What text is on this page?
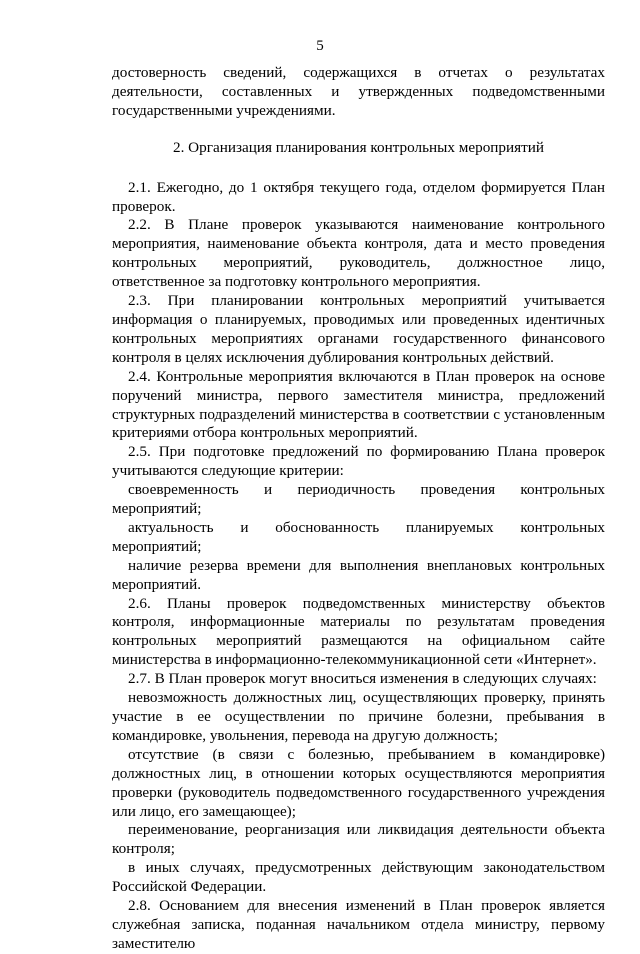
5

достоверность сведений, содержащихся в отчетах о результатах деятельности, составленных и утвержденных подведомственными государственными учреждениями.

2. Организация планирования контрольных мероприятий

2.1. Ежегодно, до 1 октября текущего года, отделом формируется План проверок.

2.2. В Плане проверок указываются наименование контрольного мероприятия, наименование объекта контроля, дата и место проведения контрольных мероприятий, руководитель, должностное лицо, ответственное за подготовку контрольного мероприятия.

2.3. При планировании контрольных мероприятий учитывается информация о планируемых, проводимых или проведенных идентичных контрольных мероприятиях органами государственного финансового контроля в целях исключения дублирования контрольных действий.

2.4. Контрольные мероприятия включаются в План проверок на основе поручений министра, первого заместителя министра, предложений структурных подразделений министерства в соответствии с установленным критериями отбора контрольных мероприятий.

2.5. При подготовке предложений по формированию Плана проверок учитываются следующие критерии:

своевременность и периодичность проведения контрольных мероприятий;

актуальность и обоснованность планируемых контрольных мероприятий;

наличие резерва времени для выполнения внеплановых контрольных мероприятий.

2.6. Планы проверок подведомственных министерству объектов контроля, информационные материалы по результатам проведения контрольных мероприятий размещаются на официальном сайте министерства в информационно-телекоммуникационной сети «Интернет».

2.7. В План проверок могут вноситься изменения в следующих случаях:

невозможность должностных лиц, осуществляющих проверку, принять участие в ее осуществлении по причине болезни, пребывания в командировке, увольнения, перевода на другую должность;

отсутствие (в связи с болезнью, пребыванием в командировке) должностных лиц, в отношении которых осуществляются мероприятия проверки (руководитель подведомственного государственного учреждения или лицо, его замещающее);

переименование, реорганизация или ликвидация деятельности объекта контроля;

в иных случаях, предусмотренных действующим законодательством Российской Федерации.

2.8. Основанием для внесения изменений в План проверок является служебная записка, поданная начальником отдела министру, первому заместителю
